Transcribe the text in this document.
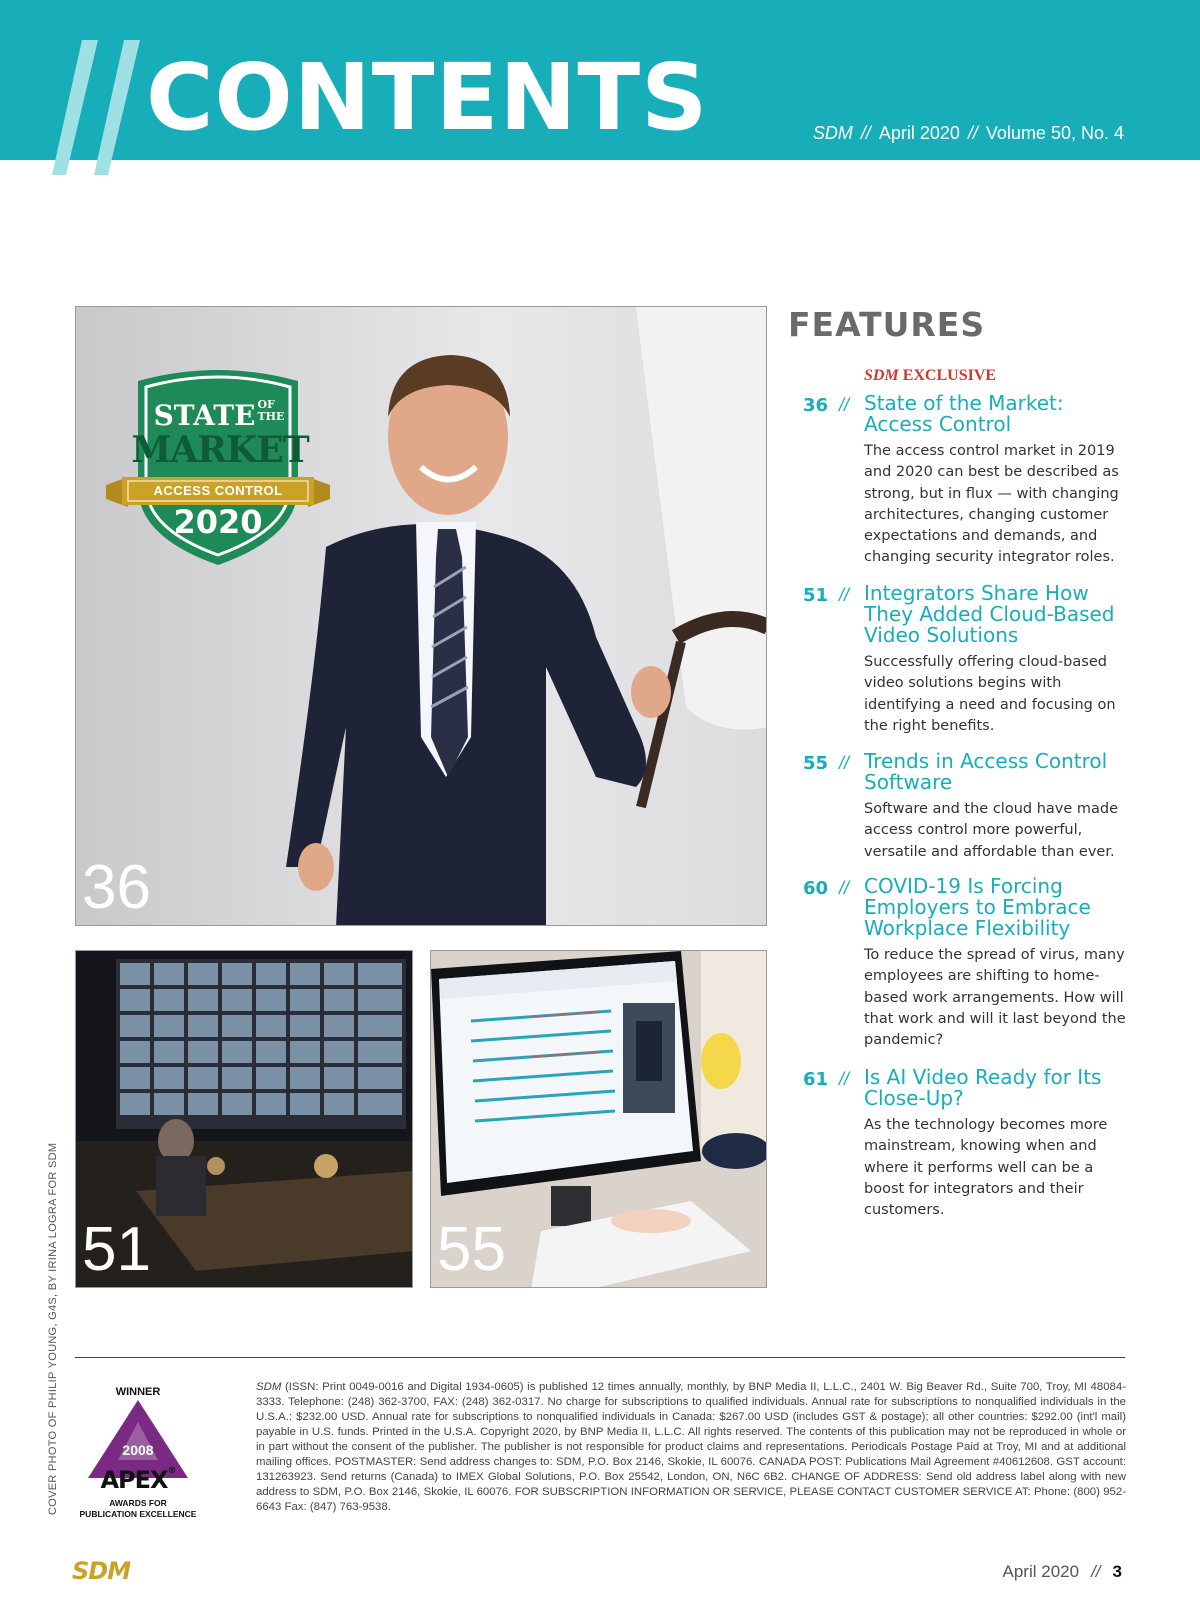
CONTENTS	SDM // April 2020 // Volume 50, No. 4
STATE OF
THE
MARKET
ACCESS CONTROL
2020
36
51	55
FEATURES
SDM EXCLUSIVE
36 // State of the Market: Access Control
The access control market in 2019 and 2020 can best be described as strong, but in flux — with changing architectures, changing customer expectations and demands, and changing security integrator roles.
51 // Integrators Share How They Added Cloud-Based Video Solutions
Successfully offering cloud-based video solutions begins with identifying a need and focusing on the right benefits.
55 // Trends in Access Control Software
Software and the cloud have made access control more powerful, versatile and affordable than ever.
60 // COVID-19 Is Forcing Employers to Embrace Workplace Flexibility
To reduce the spread of virus, many employees are shifting to home-based work arrangements. How will that work and will it last beyond the pandemic?
61 // Is AI Video Ready for Its Close-Up?
As the technology becomes more mainstream, knowing when and where it performs well can be a boost for integrators and their customers.
COVER PHOTO OF PHILIP YOUNG, G4S, BY IRINA LOGRA FOR SDM	WINNER
2008
APEX®
AWARDS FOR
PUBLICATION EXCELLENCE
SDM (ISSN: Print 0049-0016 and Digital 1934-0605) is published 12 times annually, monthly, by BNP Media II, L.L.C., 2401 W. Big Beaver Rd., Suite 700, Troy, MI 48084-3333. Telephone: (248) 362-3700, FAX: (248) 362-0317. No charge for subscriptions to qualified individuals. Annual rate for subscriptions to nonqualified individuals in the U.S.A.: $232.00 USD. Annual rate for subscriptions to nonqualified individuals in Canada: $267.00 USD (includes GST & postage); all other countries: $292.00 (int'l mail) payable in U.S. funds. Printed in the U.S.A. Copyright 2020, by BNP Media II, L.L.C. All rights reserved. The contents of this publication may not be reproduced in whole or in part without the consent of the publisher. The publisher is not responsible for product claims and representations. Periodicals Postage Paid at Troy, MI and at additional mailing offices. POSTMASTER: Send address changes to: SDM, P.O. Box 2146, Skokie, IL 60076. CANADA POST: Publications Mail Agreement #40612608. GST account: 131263923. Send returns (Canada) to IMEX Global Solutions, P.O. Box 25542, London, ON, N6C 6B2. CHANGE OF ADDRESS: Send old address label along with new address to SDM, P.O. Box 2146, Skokie, IL 60076. FOR SUBSCRIPTION INFORMATION OR SERVICE, PLEASE CONTACT CUSTOMER SERVICE AT: Phone: (800) 952-6643 Fax: (847) 763-9538.
SDM	April 2020 // 3
